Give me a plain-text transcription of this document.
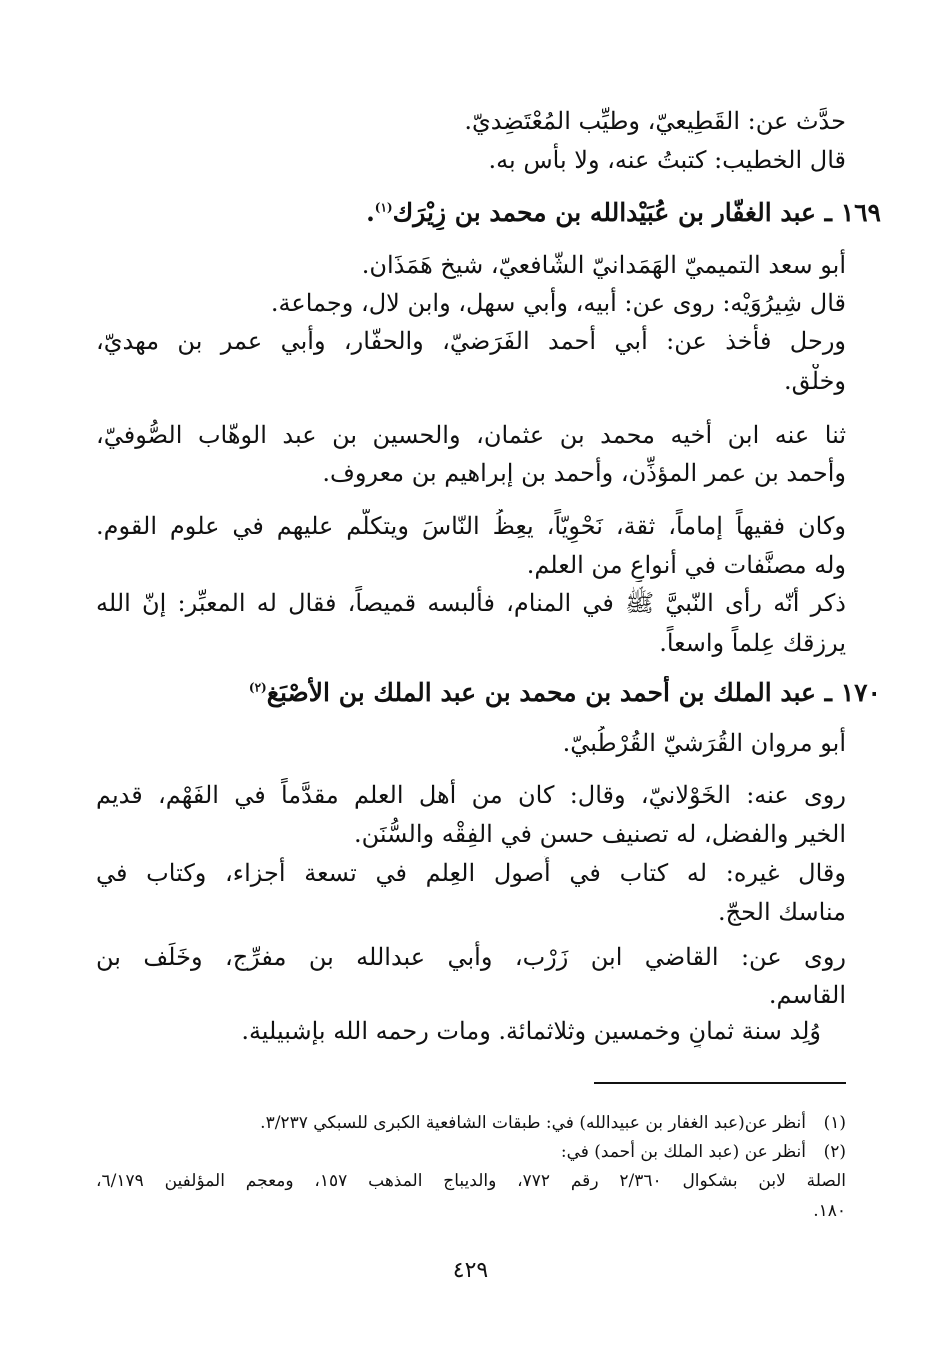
حدَّث عن: القَطِيعيّ، وطيِّب المُعْتَضِديّ.
قال الخطيب: كتبتُ عنه، ولا بأس به.
١٦٩ ـ عبد الغفّار بن عُبَيْدالله بن محمد بن زِيْرَك$^{(١)}$.
أبو سعد التميميّ الهَمَدانيّ الشّافعيّ، شيخ هَمَذَان.
قال شِيرُوَيْه: روى عن: أبيه، وأبي سهل، وابن لال، وجماعة.
ورحل فأخذ عن: أبي أحمد الفَرَضيّ، والحفّار، وأبي عمر بن مهديّ،
وخلْق.
ثنا عنه ابن أخيه محمد بن عثمان، والحسين بن عبد الوهّاب الصُّوفيّ،
وأحمد بن عمر المؤذِّن، وأحمد بن إبراهيم بن معروف.
وكان فقيهاً إماماً، ثقة، نَحْوِيّاً، يعِظُ النّاسَ ويتكلّم عليهم في علوم القوم.
وله مصنَّفات في أنواعٍ من العلم.
ذكر أنّه رأى النّبيَّ ﷺ في المنام، فألبسه قميصاً، فقال له المعبِّر: إنّ الله
يرزقك عِلماً واسعاً.
١٧٠ ـ عبد الملك بن أحمد بن محمد بن عبد الملك بن الأصْبَغ$^{(٢)}$
أبو مروان القُرَشيّ القُرْطُبيّ.
روى عنه: الخَوْلانيّ، وقال: كان من أهل العلم مقدَّماً في الفَهْم، قديم
الخير والفضل، له تصنيف حسن في الفِقْه والسُّنَن.
وقال غيره: له كتاب في أُصول العِلم في تسعة أجزاء، وكتاب في
مناسك الحجّ.
روى عن: القاضي ابن زَرْب، وأبي عبدالله بن مفرِّج، وخَلَف بن
القاسم.
وُلِد سنة ثمانٍ وخمسين وثلاثمائة. ومات رحمه الله بإشبيلية.
(١)أنظر عن(عبد الغفار بن عبيدالله) في: طبقات الشافعية الكبرى للسبكي ٣/٢٣٧.
(٢)أنظر عن (عبد الملك بن أحمد) في:
الصلة لابن بشكوال ٢/٣٦٠ رقم ٧٧٢، والديباج المذهب ١٥٧، ومعجم المؤلفين ٦/١٧٩،
١٨٠.
٤٢٩
